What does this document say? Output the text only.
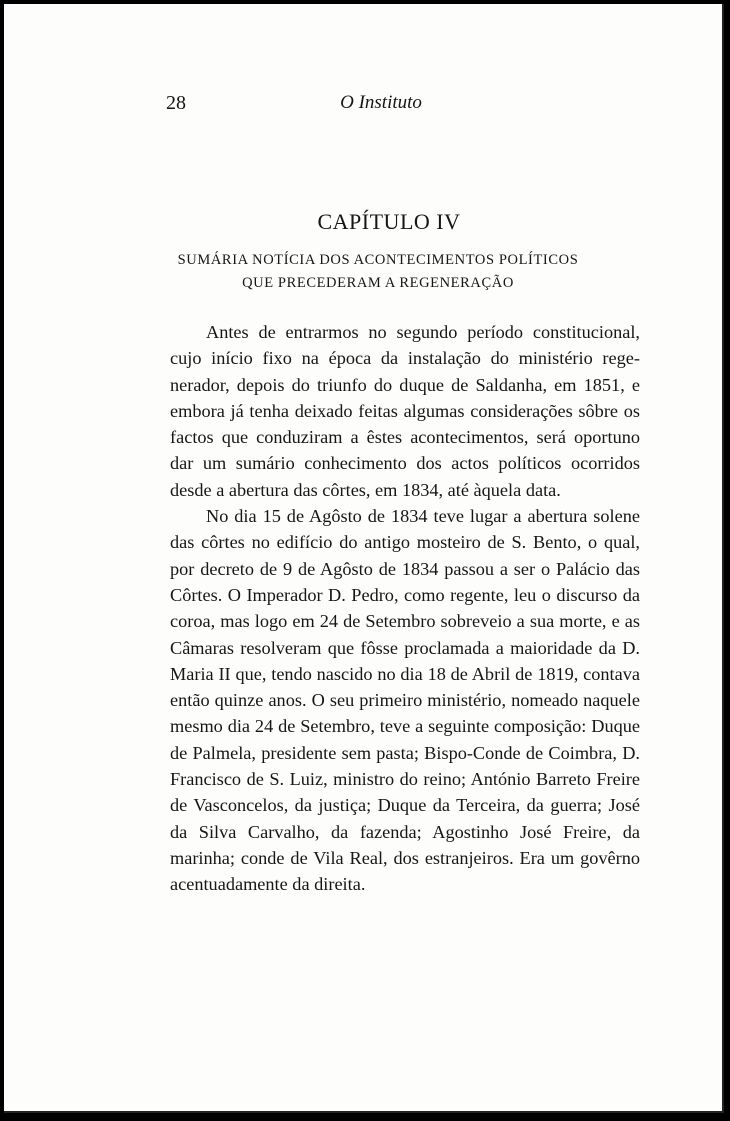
28	O Instituto
CAPÍTULO IV
SUMÁRIA NOTÍCIA DOS ACONTECIMENTOS POLÍTICOS
QUE PRECEDERAM A REGENERAÇÃO

Antes de entrarmos no segundo período constitucional, cujo início fixo na época da instalação do ministério regenerador, depois do triunfo do duque de Saldanha, em 1851, e embora já tenha deixado feitas algumas considerações sôbre os factos que conduziram a êstes acontecimentos, será oportuno dar um sumário conhecimento dos actos políticos ocorridos desde a abertura das côrtes, em 1834, até àquela data.

No dia 15 de Agôsto de 1834 teve lugar a abertura solene das côrtes no edifício do antigo mosteiro de S. Bento, o qual, por decreto de 9 de Agôsto de 1834 passou a ser o Palácio das Côrtes. O Imperador D. Pedro, como regente, leu o discurso da coroa, mas logo em 24 de Setembro sobreveio a sua morte, e as Câmaras resolveram que fôsse proclamada a maioridade da D. Maria II que, tendo nascido no dia 18 de Abril de 1819, contava então quinze anos. O seu primeiro ministério, nomeado naquele mesmo dia 24 de Setembro, teve a seguinte composição: Duque de Palmela, presidente sem pasta; Bispo-Conde de Coimbra, D. Francisco de S. Luiz, ministro do reino; António Barreto Freire de Vasconcelos, da justiça; Duque da Terceira, da guerra; José da Silva Carvalho, da fazenda; Agostinho José Freire, da marinha; conde de Vila Real, dos estranjeiros. Era um govêrno acentuadamente da direita.
